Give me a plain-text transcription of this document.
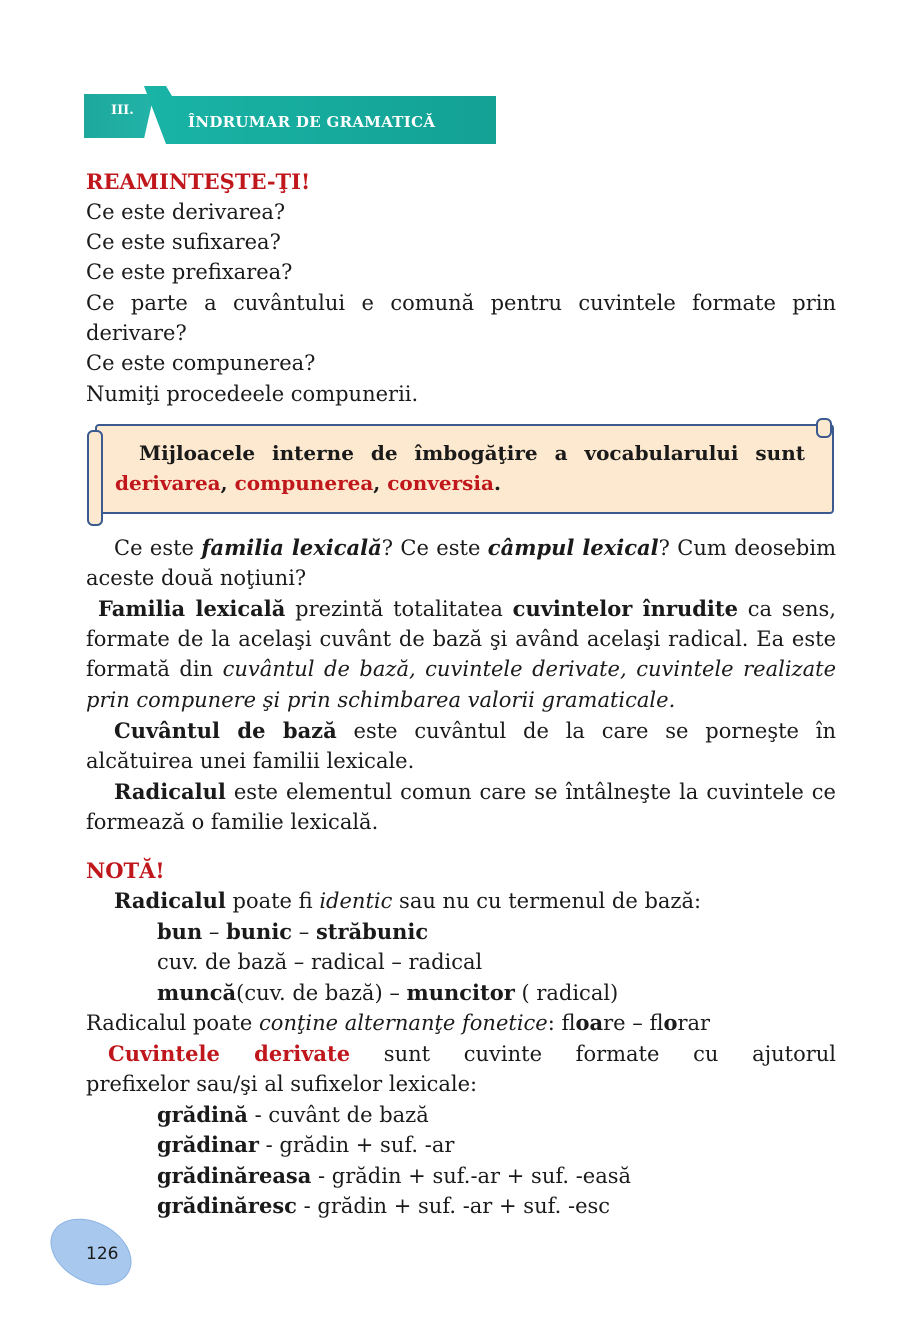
III.
ÎNDRUMAR DE GRAMATICĂ
REAMINTEŞTE-ŢI!
Ce este derivarea?
Ce este sufixarea?
Ce este prefixarea?
Ce parte a cuvântului e comună pentru cuvintele formate prin
derivare?
Ce este compunerea?
Numiţi procedeele compunerii.
Mijloacele interne de îmbogăţire a vocabularului sunt
derivarea, compunerea, conversia.
Ce este familia lexicală? Ce este câmpul lexical? Cum deosebim
aceste două noţiuni?
Familia lexicală prezintă totalitatea cuvintelor înrudite ca sens,
formate de la acelaşi cuvânt de bază şi având acelaşi radical. Ea este
formată din cuvântul de bază, cuvintele derivate, cuvintele realizate
prin compunere şi prin schimbarea valorii gramaticale.
Cuvântul de bază este cuvântul de la care se porneşte în
alcătuirea unei familii lexicale.
Radicalul este elementul comun care se întâlneşte la cuvintele ce
formează o familie lexicală.
NOTĂ!
Radicalul poate fi identic sau nu cu termenul de bază:
bun – bunic – străbunic
cuv. de bază – radical – radical
muncă(cuv. de bază) – muncitor ( radical)
Radicalul poate conţine alternanţe fonetice: floare – florar
Cuvintele derivate sunt cuvinte formate cu ajutorul
prefixelor sau/şi al sufixelor lexicale:
grădină - cuvânt de bază
grădinar - grădin + suf. -ar
grădinăreasa - grădin + suf.-ar + suf. -easă
grădinăresc - grădin + suf. -ar + suf. -esc
126
